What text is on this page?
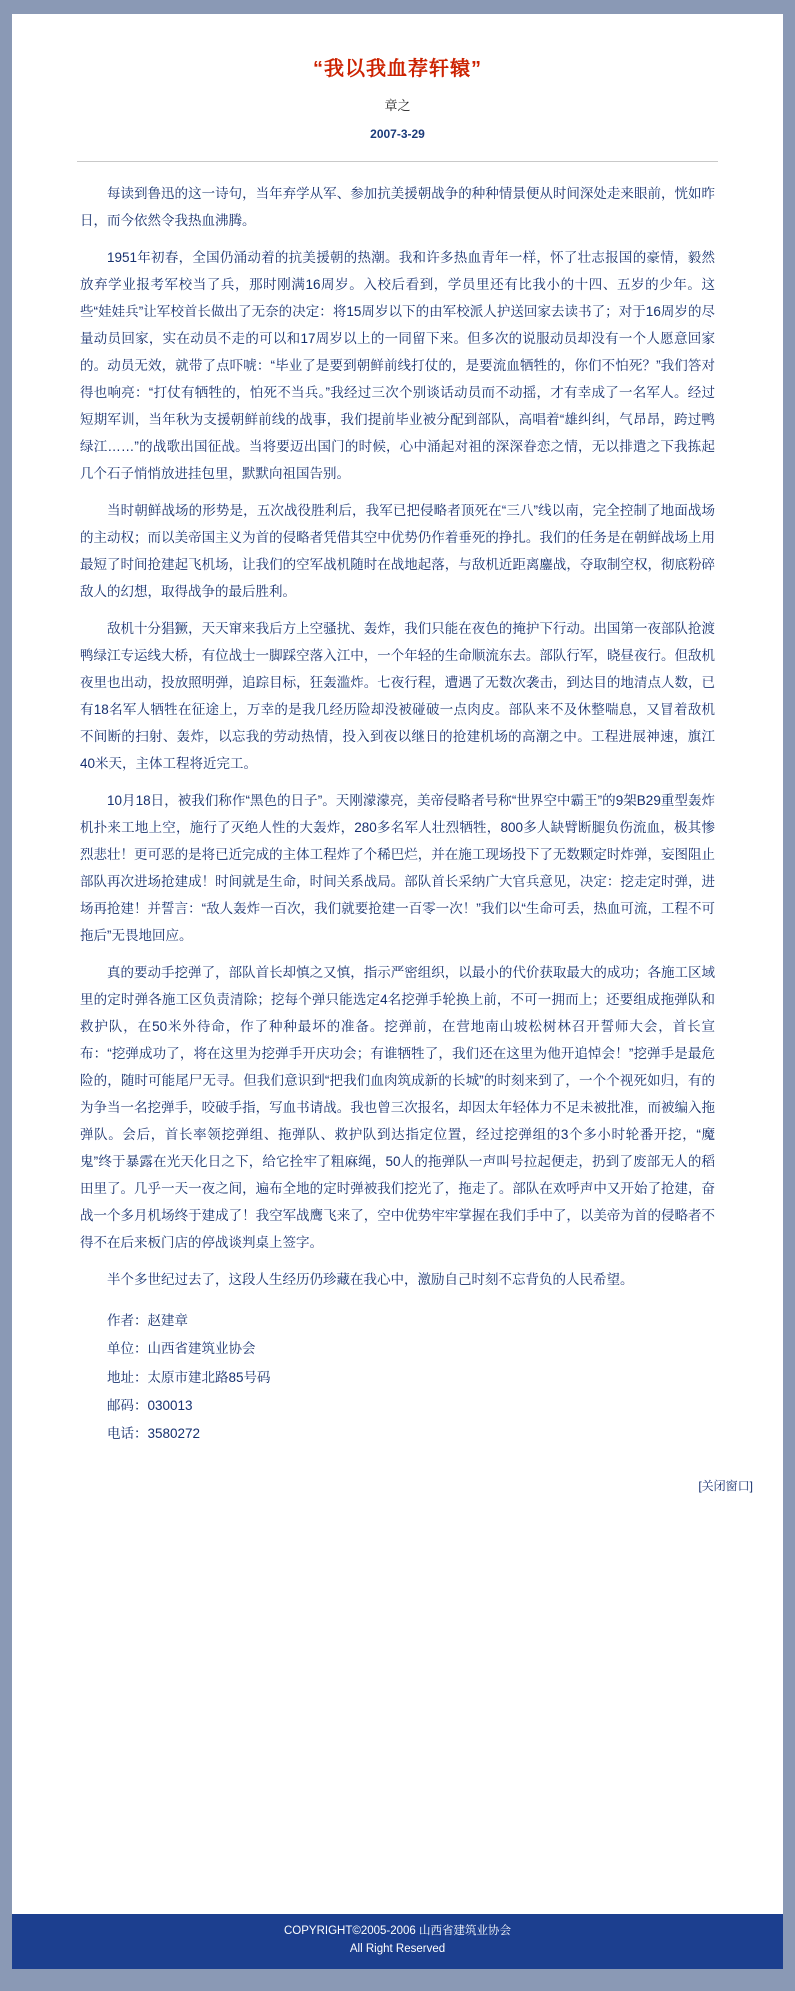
“我以我血荐轩辕”
章之
2007-3-29

每读到鲁迅的这一诗句，当年弃学从军、参加抗美援朝战争的种种情景便从时间深处走来眼前，恍如昨日，而今依然令我热血沸腾。

1951年初春，全国仍涌动着的抗美援朝的热潮。我和许多热血青年一样，怀了壮志报国的豪情，毅然放弃学业报考军校当了兵，那时刚满16周岁。入校后看到，学员里还有比我小的十四、五岁的少年。这些“娃娃兵”让军校首长做出了无奈的决定：将15周岁以下的由军校派人护送回家去读书了；对于16周岁的尽量动员回家，实在动员不走的可以和17周岁以上的一同留下来。但多次的说服动员却没有一个人愿意回家的。动员无效，就带了点吓唬：“毕业了是要到朝鲜前线打仗的，是要流血牺牲的，你们不怕死？”我们答对得也响亮：“打仗有牺牲的，怕死不当兵。”我经过三次个别谈话动员而不动摇，才有幸成了一名军人。经过短期军训，当年秋为支援朝鲜前线的战事，我们提前毕业被分配到部队，高唱着“雄纠纠，气昂昂，跨过鸭绿江……”的战歌出国征战。当将要迈出国门的时候，心中涌起对祖的深深眷恋之情，无以排遣之下我拣起几个石子悄悄放进挂包里，默默向祖国告别。

当时朝鲜战场的形势是，五次战役胜利后，我军已把侵略者顶死在“三八”线以南，完全控制了地面战场的主动权；而以美帝国主义为首的侵略者凭借其空中优势仍作着垂死的挣扎。我们的任务是在朝鲜战场上用最短了时间抢建起飞机场，让我们的空军战机随时在战地起落，与敌机近距离鏖战，夺取制空权，彻底粉碎敌人的幻想，取得战争的最后胜利。

敌机十分猖獗，天天窜来我后方上空骚扰、轰炸，我们只能在夜色的掩护下行动。出国第一夜部队抢渡鸭绿江专运线大桥，有位战士一脚踩空落入江中，一个年轻的生命顺流东去。部队行军，晓昼夜行。但敌机夜里也出动，投放照明弹，追踪目标，狂轰滥炸。七夜行程，遭遇了无数次袭击，到达目的地清点人数，已有18名军人牺牲在征途上，万幸的是我几经历险却没被碰破一点肉皮。部队来不及休整喘息，又冒着敌机不间断的扫射、轰炸，以忘我的劳动热情，投入到夜以继日的抢建机场的高潮之中。工程进展神速，旗江40米天，主体工程将近完工。

10月18日，被我们称作“黑色的日子”。天刚濛濛亮，美帝侵略者号称“世界空中霸王”的9架B29重型轰炸机扑来工地上空，施行了灭绝人性的大轰炸，280多名军人壮烈牺牲，800多人缺臂断腿负伤流血，极其惨烈悲壮！更可恶的是将已近完成的主体工程炸了个稀巴烂，并在施工现场投下了无数颗定时炸弹，妄图阻止部队再次进场抢建成！时间就是生命，时间关系战局。部队首长采纳广大官兵意见，决定：挖走定时弹，进场再抢建！并誓言：“敌人轰炸一百次，我们就要抢建一百零一次！”我们以“生命可丢，热血可流，工程不可拖后”无畏地回应。

真的要动手挖弹了，部队首长却慎之又慎，指示严密组织，以最小的代价获取最大的成功；各施工区域里的定时弹各施工区负责清除；挖每个弹只能选定4名挖弹手轮换上前，不可一拥而上；还要组成拖弹队和救护队，在50米外待命，作了种种最坏的准备。挖弹前，在营地南山坡松树林召开誓师大会，首长宣布：“挖弹成功了，将在这里为挖弹手开庆功会；有谁牺牲了，我们还在这里为他开追悼会！”挖弹手是最危险的，随时可能尾尸无寻。但我们意识到“把我们血肉筑成新的长城”的时刻来到了，一个个视死如归，有的为争当一名挖弹手，咬破手指，写血书请战。我也曾三次报名，却因太年轻体力不足未被批准，而被编入拖弹队。会后，首长率领挖弹组、拖弹队、救护队到达指定位置，经过挖弹组的3个多小时轮番开挖，“魔鬼”终于暴露在光天化日之下，给它拴牢了粗麻绳，50人的拖弹队一声叫号拉起便走，扔到了废部无人的稻田里了。几乎一天一夜之间，遍布全地的定时弹被我们挖光了，拖走了。部队在欢呼声中又开始了抢建，奋战一个多月机场终于建成了！我空军战鹰飞来了，空中优势牢牢掌握在我们手中了，以美帝为首的侵略者不得不在后来板门店的停战谈判桌上签字。

半个多世纪过去了，这段人生经历仍珍藏在我心中，激励自己时刻不忘背负的人民希望。

作者：赵建章
单位：山西省建筑业协会
地址：太原市建北路85号码
邮码：030013
电话：3580272
[关闭窗口]
COPYRIGHT©2005-2006 山西省建筑业协会
All Right Reserved
